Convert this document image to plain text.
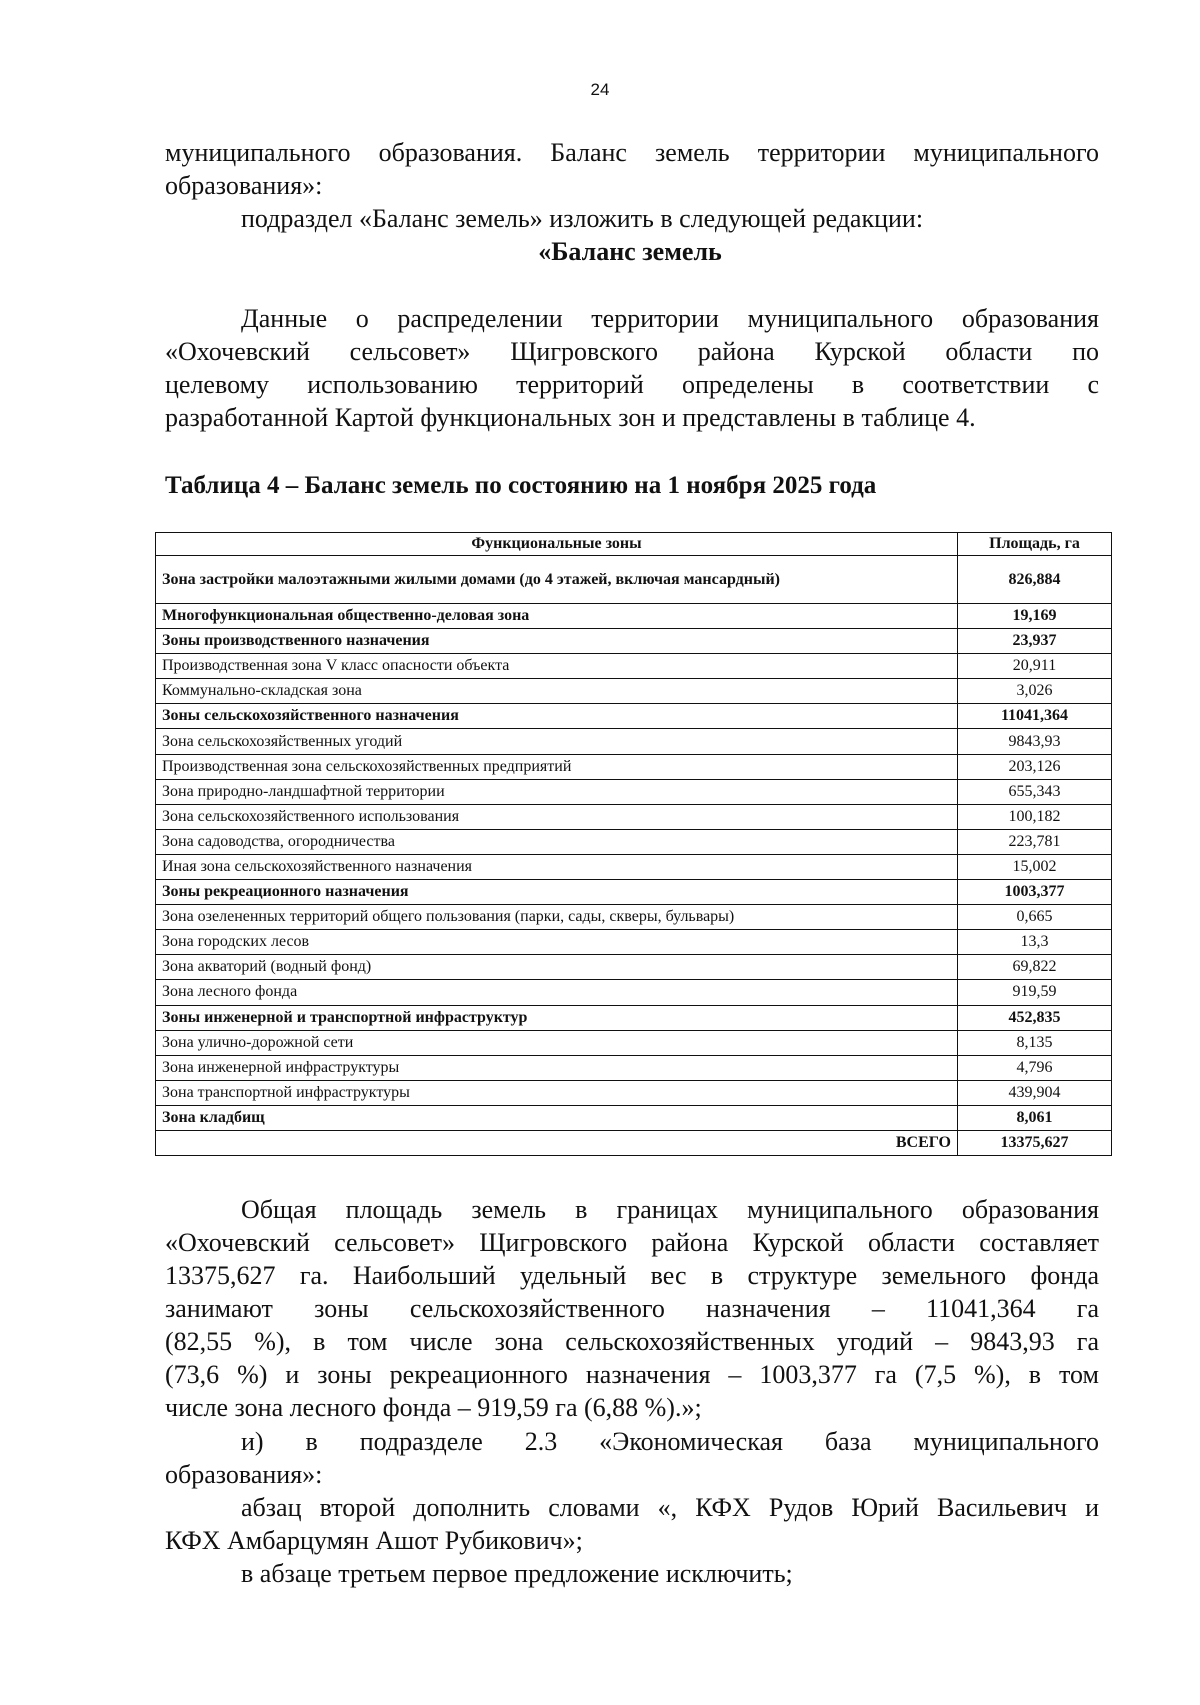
24
муниципального образования. Баланс земель территории муниципального
образования»:
подраздел «Баланс земель» изложить в следующей редакции:
«Баланс земель
Данные о распределении территории муниципального образования
«Охочевский сельсовет» Щигровского района Курской области по
целевому использованию территорий определены в соответствии с
разработанной Картой функциональных зон и представлены в таблице 4.
Таблица 4 – Баланс земель по состоянию на 1 ноября 2025 года
Функциональные зоны	Площадь, га
Зона застройки малоэтажными жилыми домами (до 4 этажей, включая мансардный)	826,884
Многофункциональная общественно-деловая зона	19,169
Зоны производственного назначения	23,937
Производственная зона V класс опасности объекта	20,911
Коммунально-складская зона	3,026
Зоны сельскохозяйственного назначения	11041,364
Зона сельскохозяйственных угодий	9843,93
Производственная зона сельскохозяйственных предприятий	203,126
Зона природно-ландшафтной территории	655,343
Зона сельскохозяйственного использования	100,182
Зона садоводства, огородничества	223,781
Иная зона сельскохозяйственного назначения	15,002
Зоны рекреационного назначения	1003,377
Зона озелененных территорий общего пользования (парки, сады, скверы, бульвары)	0,665
Зона городских лесов	13,3
Зона акваторий (водный фонд)	69,822
Зона лесного фонда	919,59
Зоны инженерной и транспортной инфраструктур	452,835
Зона улично-дорожной сети	8,135
Зона инженерной инфраструктуры	4,796
Зона транспортной инфраструктуры	439,904
Зона кладбищ	8,061
ВСЕГО	13375,627
Общая площадь земель в границах муниципального образования
«Охочевский сельсовет» Щигровского района Курской области составляет
13375,627 га. Наибольший удельный вес в структуре земельного фонда
занимают зоны сельскохозяйственного назначения – 11041,364 га
(82,55 %), в том числе зона сельскохозяйственных угодий – 9843,93 га
(73,6 %) и зоны рекреационного назначения – 1003,377 га (7,5 %), в том
числе зона лесного фонда – 919,59 га (6,88 %).»;
и) в подразделе 2.3 «Экономическая база муниципального
образования»:
абзац второй дополнить словами «, КФХ Рудов Юрий Васильевич и
КФХ Амбарцумян Ашот Рубикович»;
в абзаце третьем первое предложение исключить;
